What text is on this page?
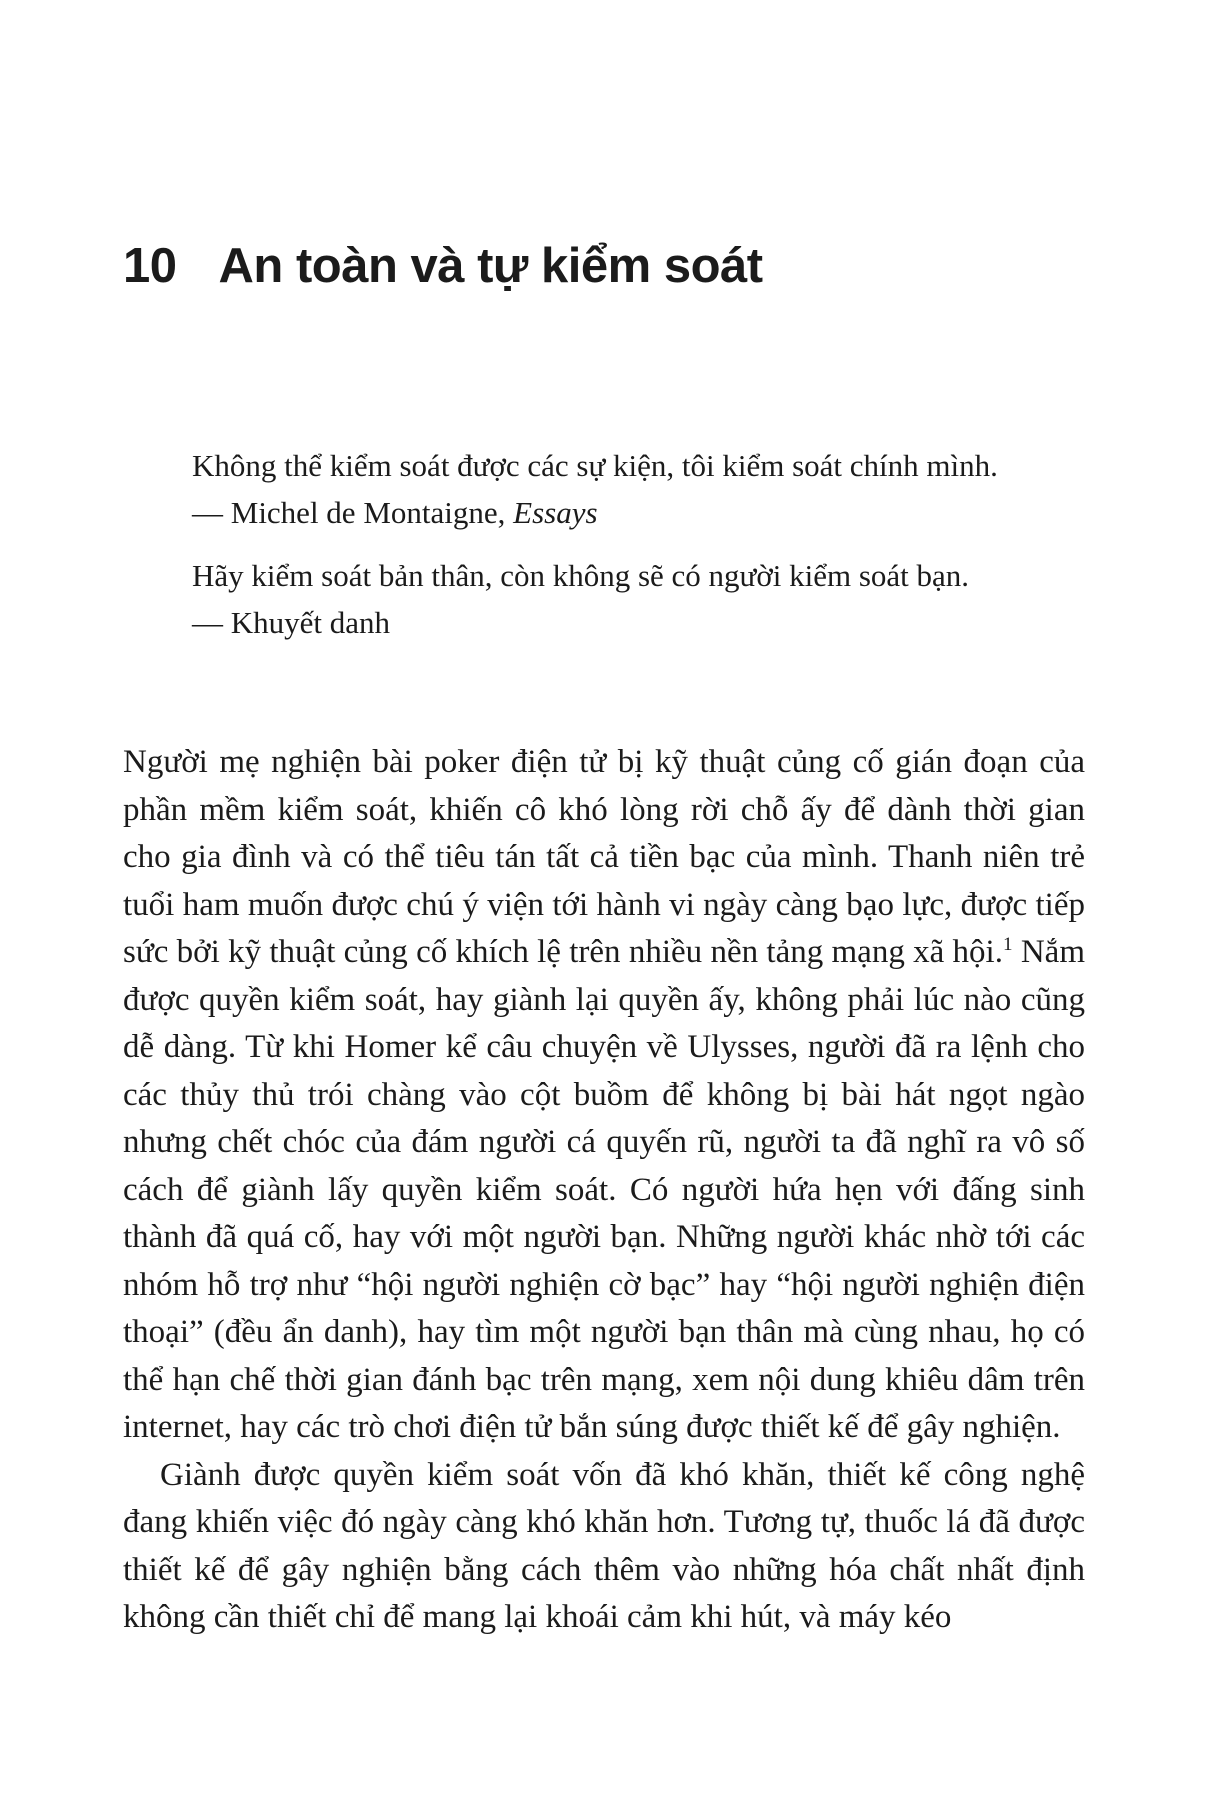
10 An toàn và tự kiểm soát

Không thể kiểm soát được các sự kiện, tôi kiểm soát chính mình.

— Michel de Montaigne, Essays

Hãy kiểm soát bản thân, còn không sẽ có người kiểm soát bạn.

— Khuyết danh

Người mẹ nghiện bài poker điện tử bị kỹ thuật củng cố gián đoạn của phần mềm kiểm soát, khiến cô khó lòng rời chỗ ấy để dành thời gian cho gia đình và có thể tiêu tán tất cả tiền bạc của mình. Thanh niên trẻ tuổi ham muốn được chú ý viện tới hành vi ngày càng bạo lực, được tiếp sức bởi kỹ thuật củng cố khích lệ trên nhiều nền tảng mạng xã hội.$^1$ Nắm được quyền kiểm soát, hay giành lại quyền ấy, không phải lúc nào cũng dễ dàng. Từ khi Homer kể câu chuyện về Ulysses, người đã ra lệnh cho các thủy thủ trói chàng vào cột buồm để không bị bài hát ngọt ngào nhưng chết chóc của đám người cá quyến rũ, người ta đã nghĩ ra vô số cách để giành lấy quyền kiểm soát. Có người hứa hẹn với đấng sinh thành đã quá cố, hay với một người bạn. Những người khác nhờ tới các nhóm hỗ trợ như “hội người nghiện cờ bạc” hay “hội người nghiện điện thoại” (đều ẩn danh), hay tìm một người bạn thân mà cùng nhau, họ có thể hạn chế thời gian đánh bạc trên mạng, xem nội dung khiêu dâm trên internet, hay các trò chơi điện tử bắn súng được thiết kế để gây nghiện.

Giành được quyền kiểm soát vốn đã khó khăn, thiết kế công nghệ đang khiến việc đó ngày càng khó khăn hơn. Tương tự, thuốc lá đã được thiết kế để gây nghiện bằng cách thêm vào những hóa chất nhất định không cần thiết chỉ để mang lại khoái cảm khi hút, và máy kéo
